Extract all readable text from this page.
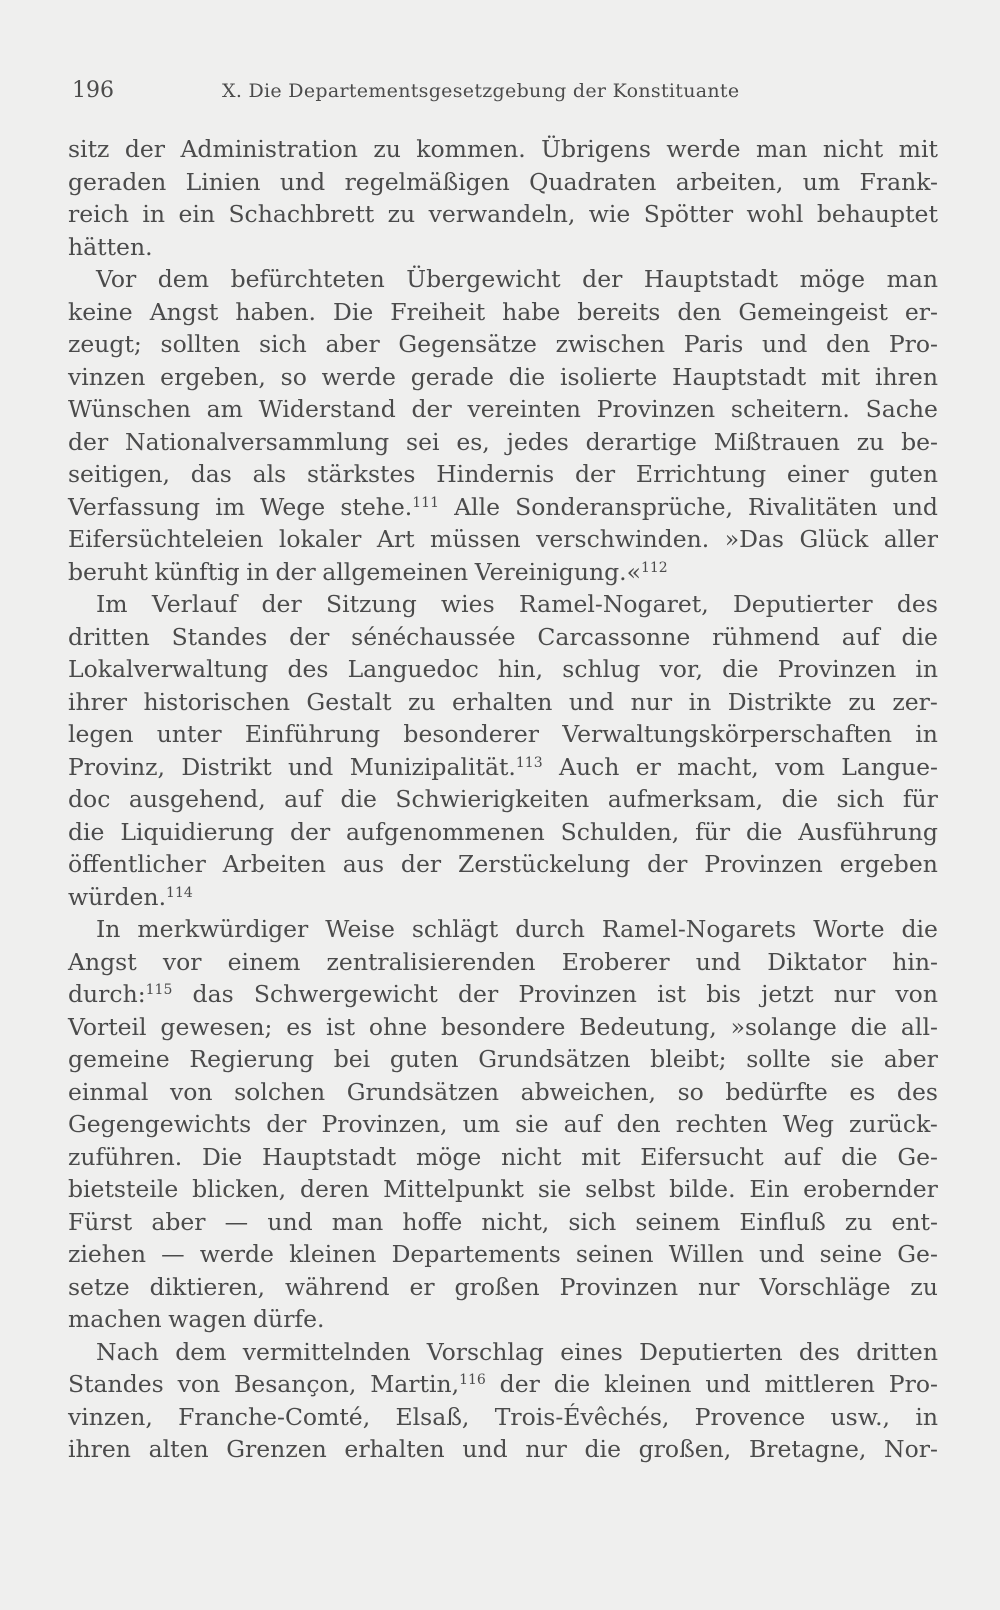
196	X. Die Departementsgesetzgebung der Konstituante
sitz der Administration zu kommen. Übrigens werde man nicht mit
geraden Linien und regelmäßigen Quadraten arbeiten, um Frank-
reich in ein Schachbrett zu verwandeln, wie Spötter wohl behauptet
hätten.
Vor dem befürchteten Übergewicht der Hauptstadt möge man
keine Angst haben. Die Freiheit habe bereits den Gemeingeist er-
zeugt; sollten sich aber Gegensätze zwischen Paris und den Pro-
vinzen ergeben, so werde gerade die isolierte Hauptstadt mit ihren
Wünschen am Widerstand der vereinten Provinzen scheitern. Sache
der Nationalversammlung sei es, jedes derartige Mißtrauen zu be-
seitigen, das als stärkstes Hindernis der Errichtung einer guten
Verfassung im Wege stehe.$^{111}$ Alle Sonderansprüche, Rivalitäten und
Eifersüchteleien lokaler Art müssen verschwinden. »Das Glück aller
beruht künftig in der allgemeinen Vereinigung.«$^{112}$
Im Verlauf der Sitzung wies Ramel-Nogaret, Deputierter des
dritten Standes der sénéchaussée Carcassonne rühmend auf die
Lokalverwaltung des Languedoc hin, schlug vor, die Provinzen in
ihrer historischen Gestalt zu erhalten und nur in Distrikte zu zer-
legen unter Einführung besonderer Verwaltungskörperschaften in
Provinz, Distrikt und Munizipalität.$^{113}$ Auch er macht, vom Langue-
doc ausgehend, auf die Schwierigkeiten aufmerksam, die sich für
die Liquidierung der aufgenommenen Schulden, für die Ausführung
öffentlicher Arbeiten aus der Zerstückelung der Provinzen ergeben
würden.$^{114}$
In merkwürdiger Weise schlägt durch Ramel-Nogarets Worte die
Angst vor einem zentralisierenden Eroberer und Diktator hin-
durch:$^{115}$ das Schwergewicht der Provinzen ist bis jetzt nur von
Vorteil gewesen; es ist ohne besondere Bedeutung, »solange die all-
gemeine Regierung bei guten Grundsätzen bleibt; sollte sie aber
einmal von solchen Grundsätzen abweichen, so bedürfte es des
Gegengewichts der Provinzen, um sie auf den rechten Weg zurück-
zuführen. Die Hauptstadt möge nicht mit Eifersucht auf die Ge-
bietsteile blicken, deren Mittelpunkt sie selbst bilde. Ein erobernder
Fürst aber — und man hoffe nicht, sich seinem Einfluß zu ent-
ziehen — werde kleinen Departements seinen Willen und seine Ge-
setze diktieren, während er großen Provinzen nur Vorschläge zu
machen wagen dürfe.
Nach dem vermittelnden Vorschlag eines Deputierten des dritten
Standes von Besançon, Martin,$^{116}$ der die kleinen und mittleren Pro-
vinzen, Franche-Comté, Elsaß, Trois-Évêchés, Provence usw., in
ihren alten Grenzen erhalten und nur die großen, Bretagne, Nor-
